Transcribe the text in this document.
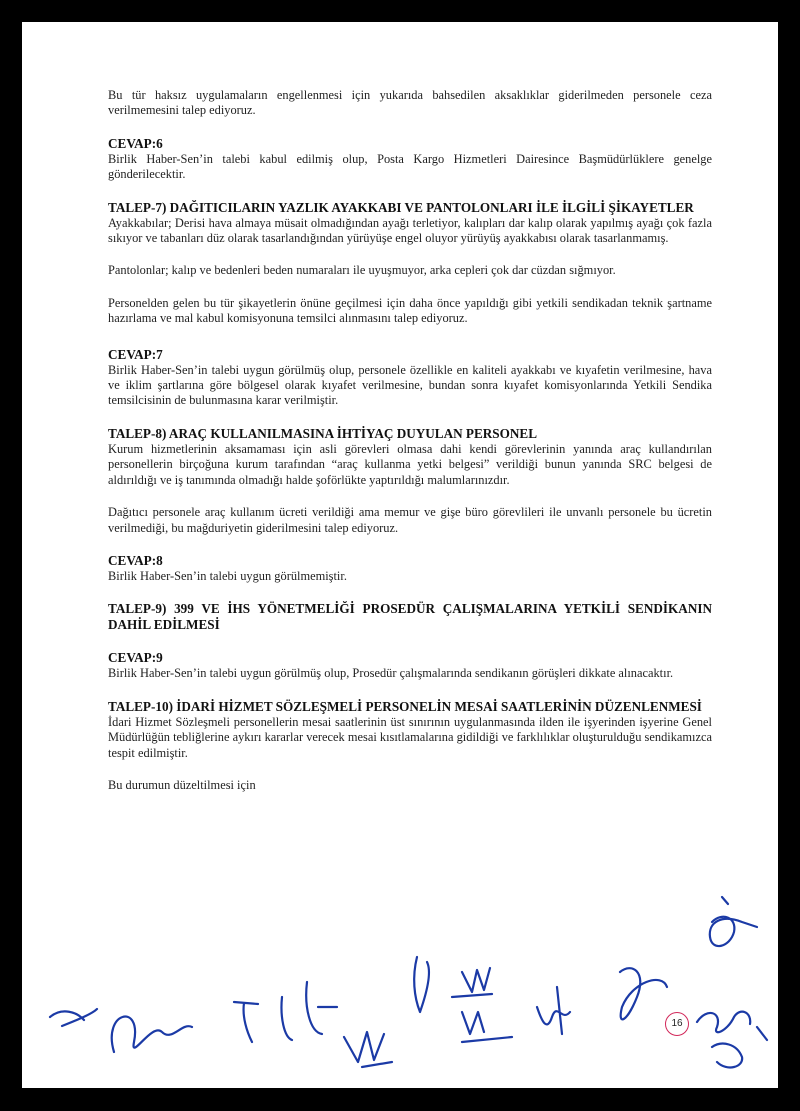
Bu tür haksız uygulamaların engellenmesi için yukarıda bahsedilen aksaklıklar giderilmeden personele ceza verilmemesini talep ediyoruz.

CEVAP:6

Birlik Haber-Sen’in talebi kabul edilmiş olup, Posta Kargo Hizmetleri Dairesince Başmüdürlüklere genelge gönderilecektir.

TALEP-7) DAĞITICILARIN YAZLIK AYAKKABI VE PANTOLONLARI İLE İLGİLİ ŞİKAYETLER

Ayakkabılar; Derisi hava almaya müsait olmadığından ayağı terletiyor, kalıpları dar kalıp olarak yapılmış ayağı çok fazla sıkıyor ve tabanları düz olarak tasarlandığından yürüyüşe engel oluyor yürüyüş ayakkabısı olarak tasarlanmamış.

Pantolonlar; kalıp ve bedenleri beden numaraları ile uyuşmuyor, arka cepleri çok dar cüzdan sığmıyor.

Personelden gelen bu tür şikayetlerin önüne geçilmesi için daha önce yapıldığı gibi yetkili sendikadan teknik şartname hazırlama ve mal kabul komisyonuna temsilci alınmasını talep ediyoruz.

CEVAP:7

Birlik Haber-Sen’in talebi uygun görülmüş olup, personele özellikle en kaliteli ayakkabı ve kıyafetin verilmesine, hava ve iklim şartlarına göre bölgesel olarak kıyafet verilmesine, bundan sonra kıyafet komisyonlarında Yetkili Sendika temsilcisinin de bulunmasına karar verilmiştir.

TALEP-8) ARAÇ KULLANILMASINA İHTİYAÇ DUYULAN PERSONEL

Kurum hizmetlerinin aksamaması için asli görevleri olmasa dahi kendi görevlerinin yanında araç kullandırılan personellerin birçoğuna kurum tarafından “araç kullanma yetki belgesi” verildiği bunun yanında SRC belgesi de aldırıldığı ve iş tanımında olmadığı halde şoförlükte yaptırıldığı malumlarınızdır.

Dağıtıcı personele araç kullanım ücreti verildiği ama memur ve gişe büro görevlileri ile unvanlı personele bu ücretin verilmediği, bu mağduriyetin giderilmesini talep ediyoruz.

CEVAP:8

Birlik Haber-Sen’in talebi uygun görülmemiştir.

TALEP-9) 399 VE İHS YÖNETMELİĞİ PROSEDÜR ÇALIŞMALARINA YETKİLİ SENDİKANIN DAHİL EDİLMESİ

CEVAP:9

Birlik Haber-Sen’in talebi uygun görülmüş olup, Prosedür çalışmalarında sendikanın görüşleri dikkate alınacaktır.

TALEP-10) İDARİ HİZMET SÖZLEŞMELİ PERSONELİN MESAİ SAATLERİNİN DÜZENLENMESİ

İdari Hizmet Sözleşmeli personellerin mesai saatlerinin üst sınırının uygulanmasında ilden ile işyerinden işyerine Genel Müdürlüğün tebliğlerine aykırı kararlar verecek mesai kısıtlamalarına gidildiği ve farklılıklar oluşturulduğu sendikamızca tespit edilmiştir.

Bu durumun düzeltilmesi için

16
